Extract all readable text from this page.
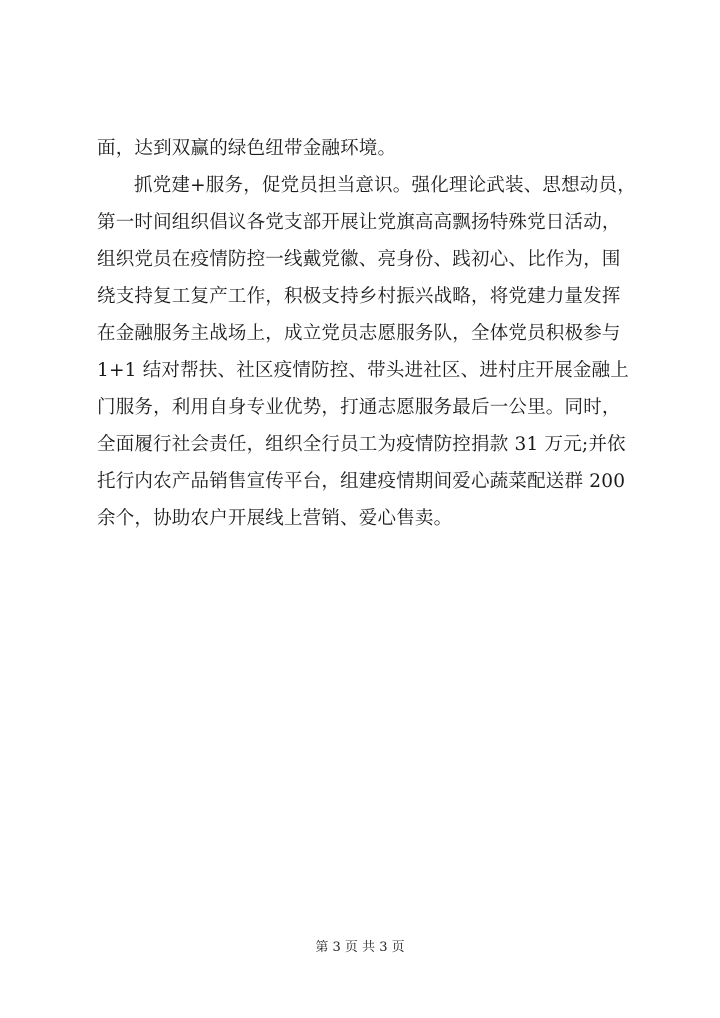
面，达到双赢的绿色纽带金融环境。
抓党建+服务，促党员担当意识。强化理论武装、思想动员，
第一时间组织倡议各党支部开展让党旗高高飘扬特殊党日活动，
组织党员在疫情防控一线戴党徽、亮身份、践初心、比作为，围
绕支持复工复产工作，积极支持乡村振兴战略，将党建力量发挥
在金融服务主战场上，成立党员志愿服务队，全体党员积极参与
1+1 结对帮扶、社区疫情防控、带头进社区、进村庄开展金融上
门服务，利用自身专业优势，打通志愿服务最后一公里。同时，
全面履行社会责任，组织全行员工为疫情防控捐款 31 万元;并依
托行内农产品销售宣传平台，组建疫情期间爱心蔬菜配送群 200
余个，协助农户开展线上营销、爱心售卖。
第 3 页 共 3 页
